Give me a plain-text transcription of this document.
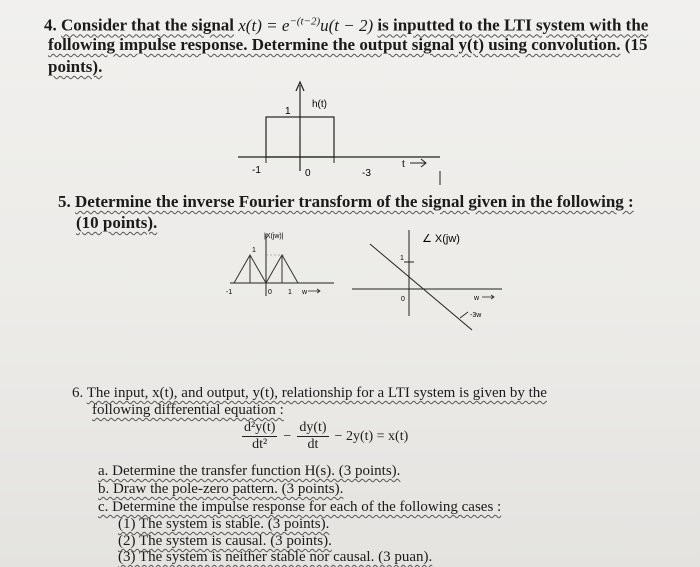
4. Consider that the signal $x(t) = e^{-(t-2)}u(t - 2)$ is inputted to the LTI system with the
following impulse response. Determine the output signal y(t) using convolution. (15
points).
-1	0	-3
1
h(t)
t
5. Determine the inverse Fourier transform of the signal given in the following :
(10 points).
|X(jw)|
1
-1	0 1 w
∠ X(jw)
1
0	w
-3w
6. The input, x(t), and output, y(t), relationship for a LTI system is given by the
following differential equation :
$\frac{\text{d²y(t)}}{\text{dt²}} - \frac{dy(t)}{dt} - 2y(t) = x(t)$
a. Determine the transfer function H(s). (3 points).
b. Draw the pole-zero pattern. (3 points).
c. Determine the impulse response for each of the following cases :
(1) The system is stable. (3 points).
(2) The system is causal. (3 points).
(3) The system is neither stable nor causal. (3 puan).
